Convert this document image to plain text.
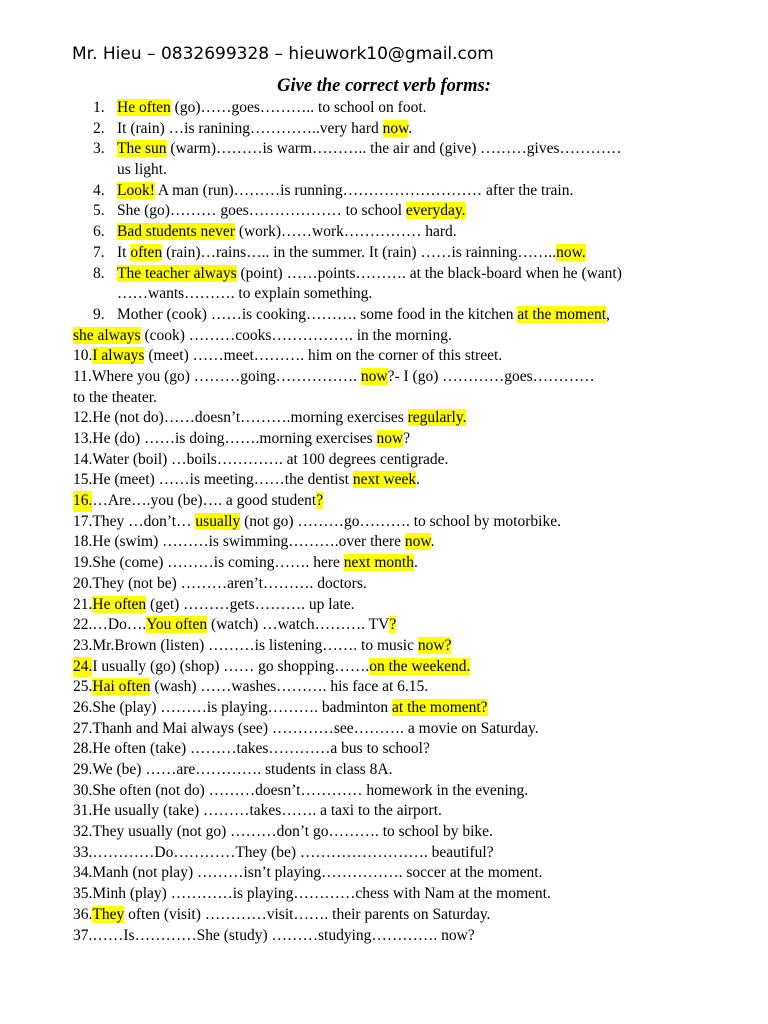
Mr. Hieu – 0832699328 – hieuwork10@gmail.com
Give the correct verb forms:
1. He often (go)……goes……….. to school on foot.
2. It (rain) …is ranining…………..very hard now.
3. The sun (warm)………is warm……….. the air and (give) ………gives…………
us light.
4. Look! A man (run)………is running……………………… after the train.
5. She (go)……… goes……………… to school everyday.
6. Bad students never (work)……work…………… hard.
7. It often (rain)…rains….. in the summer. It (rain) ……is rainning……..now.
8. The teacher always (point) ……points………. at the black-board when he (want)
……wants………. to explain something.
9. Mother (cook) ……is cooking………. some food in the kitchen at the moment,
she always (cook) ………cooks……………. in the morning.
10.I always (meet) ……meet………. him on the corner of this street.
11.Where you (go) ………going……………. now?- I (go) …………goes…………
to the theater.
12.He (not do)……doesn’t……….morning exercises regularly.
13.He (do) ……is doing…….morning exercises now?
14.Water (boil) …boils…………. at 100 degrees centigrade.
15.He (meet) ……is meeting……the dentist next week.
16.…Are….you (be)…. a good student?
17.They …don’t… usually (not go) ………go………. to school by motorbike.
18.He (swim) ………is swimming……….over there now.
19.She (come) ………is coming……. here next month.
20.They (not be) ………aren’t………. doctors.
21.He often (get) ………gets………. up late.
22.…Do….You often (watch) …watch………. TV?
23.Mr.Brown (listen) ………is listening……. to music now?
24.I usually (go) (shop) …… go shopping…….on the weekend.
25.Hai often (wash) ……washes………. his face at 6.15.
26.She (play) ………is playing………. badminton at the moment?
27.Thanh and Mai always (see) …………see………. a movie on Saturday.
28.He often (take) ………takes…………a bus to school?
29.We (be) ……are…………. students in class 8A.
30.She often (not do) ………doesn’t………… homework in the evening.
31.He usually (take) ………takes……. a taxi to the airport.
32.They usually (not go) ………don’t go………. to school by bike.
33.…………Do…………They (be) ……………………. beautiful?
34.Manh (not play) ………isn’t playing……………. soccer at the moment.
35.Minh (play) …………is playing…………chess with Nam at the moment.
36.They often (visit) …………visit……. their parents on Saturday.
37.……Is…………She (study) ………studying…………. now?
